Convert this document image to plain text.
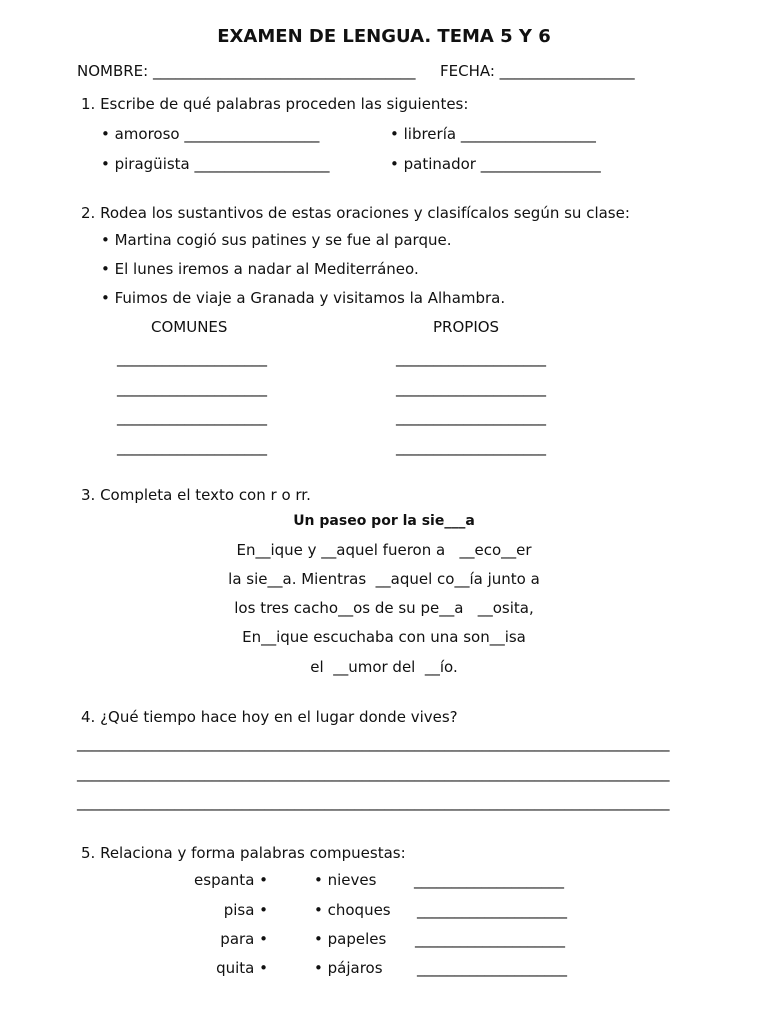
EXAMEN DE LENGUA. TEMA 5 Y 6
NOMBRE: ___________________________________ FECHA: __________________
1. Escribe de qué palabras proceden las siguientes:
• amoroso __________________	• librería __________________
• piragüista __________________	• patinador ________________
2. Rodea los sustantivos de estas oraciones y clasifícalos según su clase:
• Martina cogió sus patines y se fue al parque.
• El lunes iremos a nadar al Mediterráneo.
• Fuimos de viaje a Granada y visitamos la Alhambra.
COMUNES	PROPIOS
____________________	____________________
____________________	____________________
____________________	____________________
____________________	____________________
3. Completa el texto con r o rr.
Un paseo por la sie___a
En__ique y __aquel fueron a   __eco__er
la sie__a. Mientras  __aquel co__ía junto a
los tres cacho__os de su pe__a   __osita,
En__ique escuchaba con una son__isa
el  __umor del  __ío.
4. ¿Qué tiempo hace hoy en el lugar donde vives?
_______________________________________________________________________________
_______________________________________________________________________________
_______________________________________________________________________________
5. Relaciona y forma palabras compuestas:
espanta •	• nieves	____________________
pisa •	• choques ____________________
para •	• papeles ____________________
quita •	• pájaros ____________________
